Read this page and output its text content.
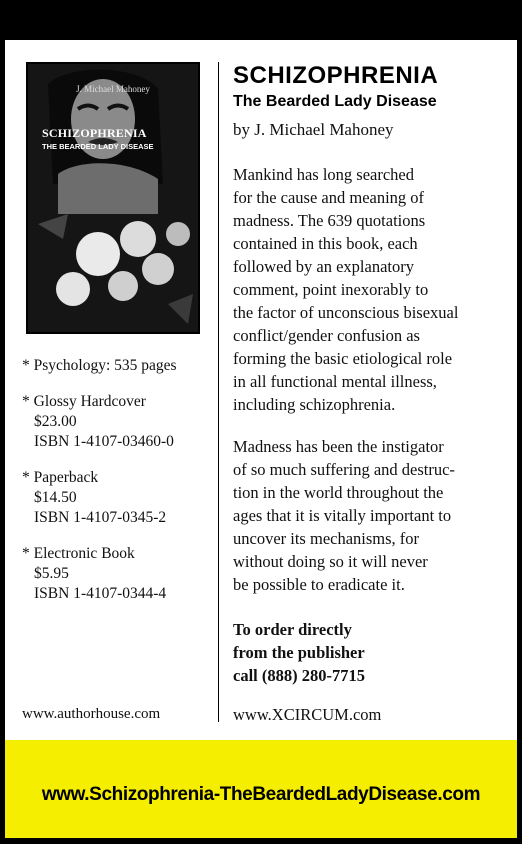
J. Michael Mahoney
SCHIZOPHRENIA
THE BEARDED LADY DISEASE

* Psychology: 535 pages

* Glossy Hardcover
$23.00
ISBN 1-4107-03460-0

* Paperback
$14.50
ISBN 1-4107-0345-2

* Electronic Book
$5.95
ISBN 1-4107-0344-4

www.authorhouse.com
SCHIZOPHRENIA
The Bearded Lady Disease
by J. Michael Mahoney

Mankind has long searched

for the cause and meaning of

madness. The 639 quotations

contained in this book, each

followed by an explanatory

comment, point inexorably to

the factor of unconscious bisexual

conflict/gender confusion as

forming the basic etiological role

in all functional mental illness,

including schizophrenia.

Madness has been the instigator

of so much suffering and destruc-

tion in the world throughout the

ages that it is vitally important to

uncover its mechanisms, for

without doing so it will never

be possible to eradicate it.

To order directly

from the publisher

call (888) 280-7715

www.XCIRCUM.com
www.Schizophrenia-TheBeardedLadyDisease.com
